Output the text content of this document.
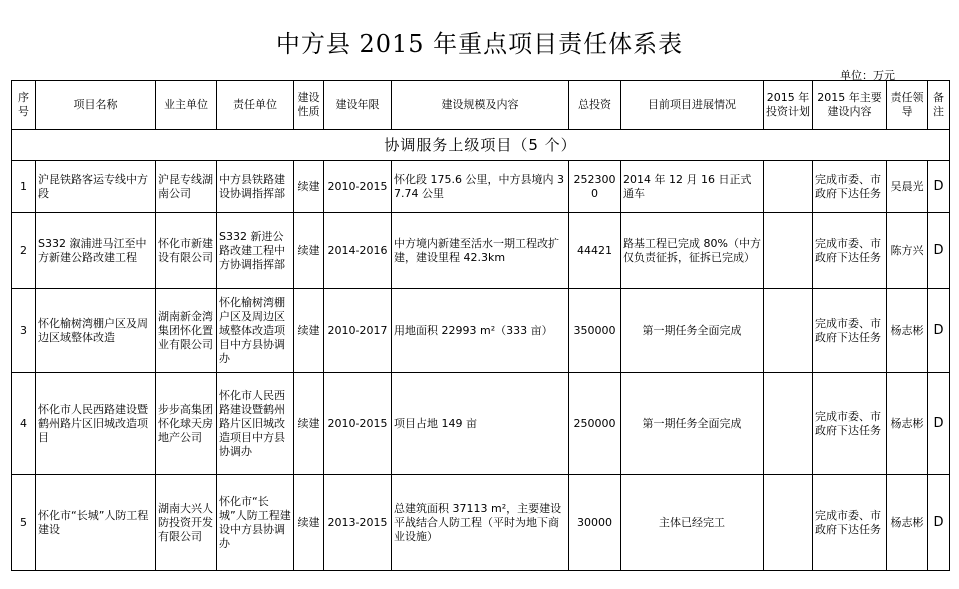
中方县 2015 年重点项目责任体系表
单位：万元
序号	项目名称	业主单位	责任单位	建设性质	建设年限	建设规模及内容	总投资	目前项目进展情况	2015 年投资计划	2015 年主要建设内容	责任领导	备注
协调服务上级项目（5 个）												
1	沪昆铁路客运专线中方段	沪昆专线湖南公司	中方县铁路建设协调指挥部	续建	2010-2015	怀化段 175.6 公里，中方县境内 37.74 公里	2523000	2014 年 12 月 16 日正式通车		完成市委、市政府下达任务	吴晨光	D
2	S332 溆浦进马江至中方新建公路改建工程	怀化市新建设有限公司	S332 新进公路改建工程中方协调指挥部	续建	2014-2016	中方境内新建至活水一期工程改扩建，建设里程 42.3km	44421	路基工程已完成 80%（中方仅负责征拆，征拆已完成）		完成市委、市政府下达任务	陈方兴	D
3	怀化榆树湾棚户区及周边区域整体改造	湖南新金湾集团怀化置业有限公司	怀化榆树湾棚户区及周边区域整体改造项目中方县协调办	续建	2010-2017	用地面积 22993 m²（333 亩）	350000	第一期任务全面完成		完成市委、市政府下达任务	杨志彬	D
4	怀化市人民西路建设暨鹤州路片区旧城改造项目	步步高集团怀化球天房地产公司	怀化市人民西路建设暨鹤州路片区旧城改造项目中方县协调办	续建	2010-2015	项目占地 149 亩	250000	第一期任务全面完成		完成市委、市政府下达任务	杨志彬	D
5	怀化市“长城”人防工程建设	湖南大兴人防投资开发有限公司	怀化市“长城”人防工程建设中方县协调办	续建	2013-2015	总建筑面积 37113 m²，主要建设平战结合人防工程（平时为地下商业设施）	30000	主体已经完工		完成市委、市政府下达任务	杨志彬	D
